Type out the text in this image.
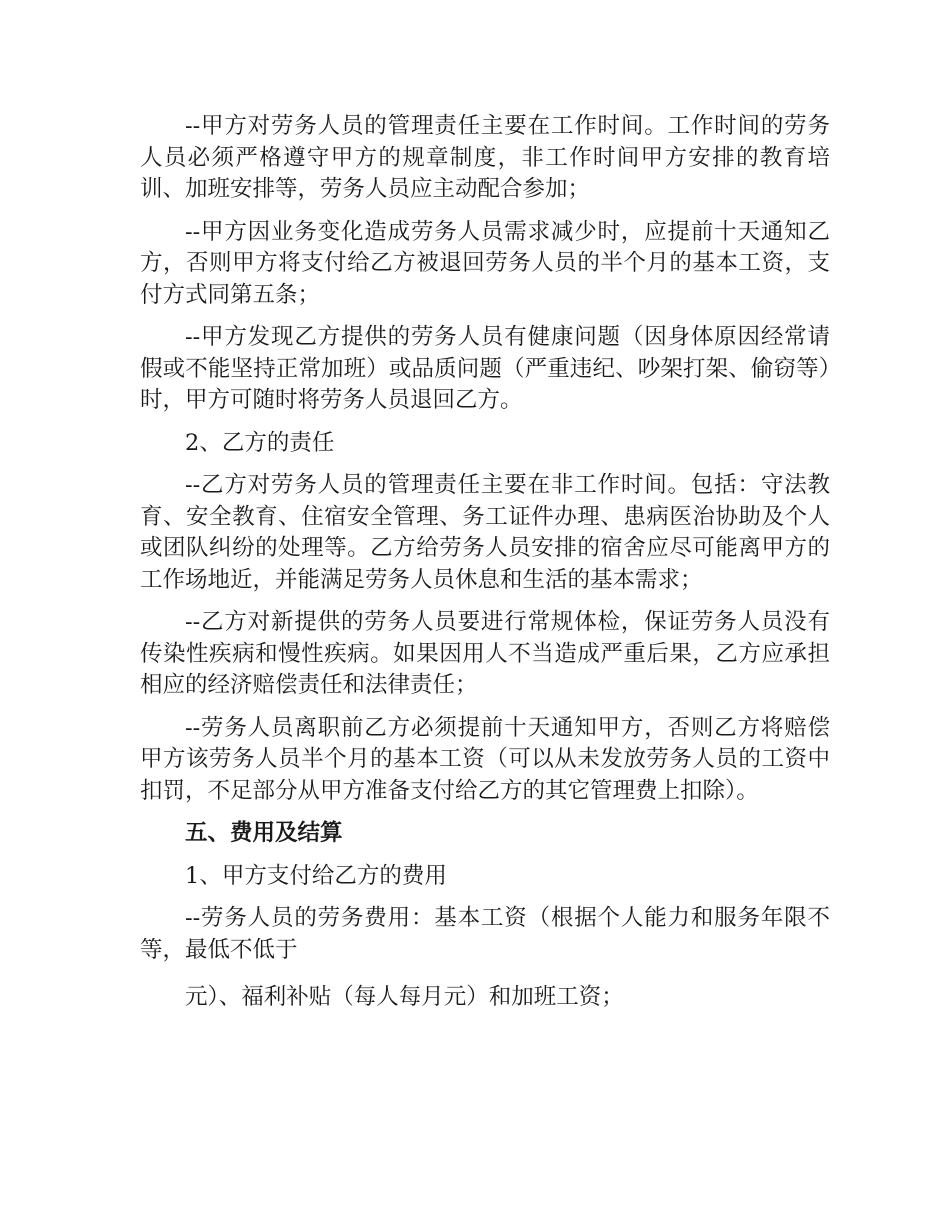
--甲方对劳务人员的管理责任主要在工作时间。工作时间的劳务人员必须严格遵守甲方的规章制度，非工作时间甲方安排的教育培训、加班安排等，劳务人员应主动配合参加；

--甲方因业务变化造成劳务人员需求减少时，应提前十天通知乙方，否则甲方将支付给乙方被退回劳务人员的半个月的基本工资，支付方式同第五条；

--甲方发现乙方提供的劳务人员有健康问题（因身体原因经常请假或不能坚持正常加班）或品质问题（严重违纪、吵架打架、偷窃等）时，甲方可随时将劳务人员退回乙方。

2、乙方的责任

--乙方对劳务人员的管理责任主要在非工作时间。包括：守法教育、安全教育、住宿安全管理、务工证件办理、患病医治协助及个人或团队纠纷的处理等。乙方给劳务人员安排的宿舍应尽可能离甲方的工作场地近，并能满足劳务人员休息和生活的基本需求；

--乙方对新提供的劳务人员要进行常规体检，保证劳务人员没有传染性疾病和慢性疾病。如果因用人不当造成严重后果，乙方应承担相应的经济赔偿责任和法律责任；

--劳务人员离职前乙方必须提前十天通知甲方，否则乙方将赔偿甲方该劳务人员半个月的基本工资（可以从未发放劳务人员的工资中扣罚，不足部分从甲方准备支付给乙方的其它管理费上扣除）。

五、费用及结算

1、甲方支付给乙方的费用

--劳务人员的劳务费用：基本工资（根据个人能力和服务年限不等，最低不低于

元）、福利补贴（每人每月元）和加班工资；
